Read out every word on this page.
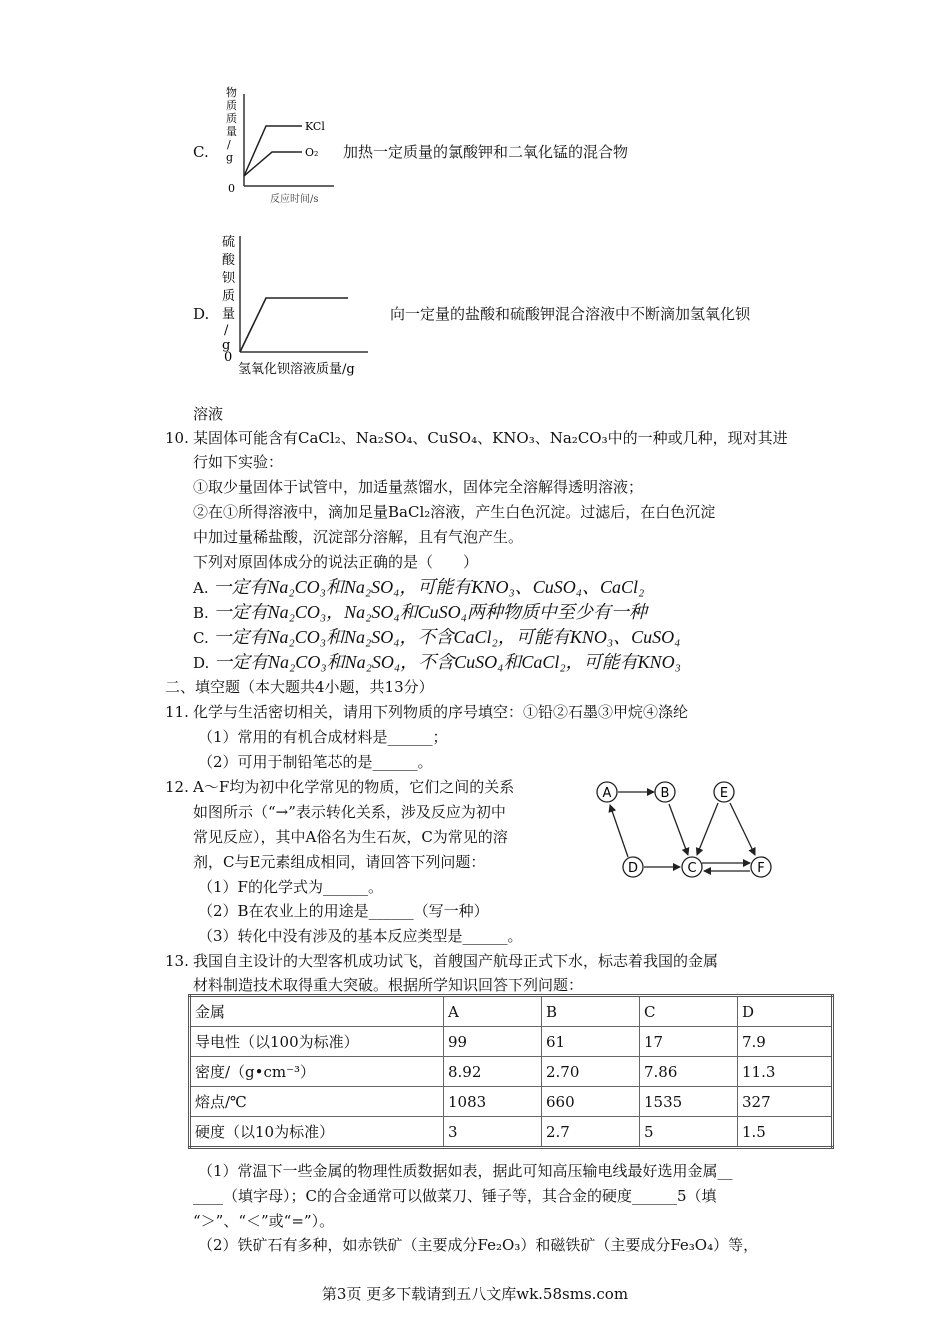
C.
物
质
质
量
/
g
0
KCl
O₂
反应时间/s
加热一定质量的氯酸钾和二氧化锰的混合物
D.
硫
酸
钡
质
量
/
g
0
氢氧化钡溶液质量/g
向一定量的盐酸和硫酸钾混合溶液中不断滴加氢氧化钡
溶液
10. 某固体可能含有CaCl₂、Na₂SO₄、CuSO₄、KNO₃、Na₂CO₃中的一种或几种，现对其进
行如下实验：
①取少量固体于试管中，加适量蒸馏水，固体完全溶解得透明溶液；
②在①所得溶液中，滴加足量BaCl₂溶液，产生白色沉淀。过滤后，在白色沉淀
中加过量稀盐酸，沉淀部分溶解，且有气泡产生。
下列对原固体成分的说法正确的是（　　）
A. 一定有Na₂CO₃和Na₂SO₄，可能有KNO₃、CuSO₄、CaCl₂
B. 一定有Na₂CO₃，Na₂SO₄和CuSO₄两种物质中至少有一种
C. 一定有Na₂CO₃和Na₂SO₄，不含CaCl₂，可能有KNO₃、CuSO₄
D. 一定有Na₂CO₃和Na₂SO₄，不含CuSO₄和CaCl₂，可能有KNO₃
二、填空题（本大题共4小题，共13分）
11. 化学与生活密切相关，请用下列物质的序号填空：①铅②石墨③甲烷④涤纶
（1）常用的有机合成材料是______；
（2）可用于制铅笔芯的是______。
12. A～F均为初中化学常见的物质，它们之间的关系
如图所示（“→”表示转化关系，涉及反应为初中
常见反应），其中A俗名为生石灰，C为常见的溶
剂，C与E元素组成相同，请回答下列问题：
（1）F的化学式为______。
（2）B在农业上的用途是______（写一种）
（3）转化中没有涉及的基本反应类型是______。
A	B	E
D	C	F
13. 我国自主设计的大型客机成功试飞，首艘国产航母正式下水，标志着我国的金属
材料制造技术取得重大突破。根据所学知识回答下列问题：
金属	A	B	C	D
导电性（以100为标准）	99	61	17	7.9
密度/（g•cm⁻³）	8.92	2.70	7.86	11.3
熔点/℃	1083	660	1535	327
硬度（以10为标准）	3	2.7	5	1.5
（1）常温下一些金属的物理性质数据如表，据此可知高压输电线最好选用金属__
____（填字母）；C的合金通常可以做菜刀、锤子等，其合金的硬度______5（填
“＞”、“＜”或“=”）。
（2）铁矿石有多种，如赤铁矿（主要成分Fe₂O₃）和磁铁矿（主要成分Fe₃O₄）等，
第3页 更多下载请到五八文库wk.58sms.com
